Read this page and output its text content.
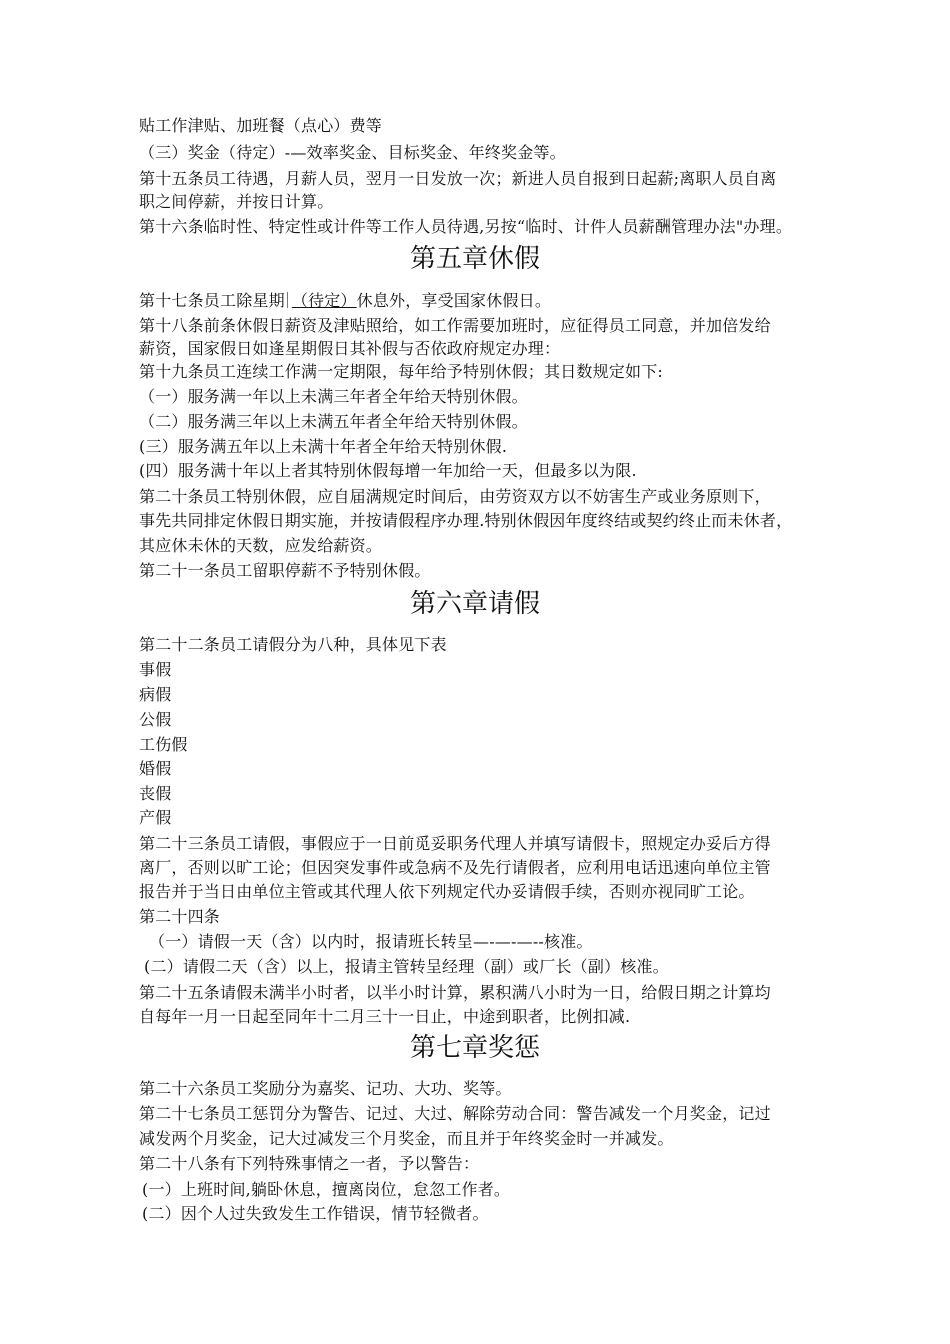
贴工作津贴、加班餐（点心）费等
（三）奖金（待定）-—效率奖金、目标奖金、年终奖金等。
第十五条员工待遇，月薪人员，翌月一日发放一次；新进人员自报到日起薪;离职人员自离
职之间停薪，并按日计算。
第十六条临时性、特定性或计件等工作人员待遇,另按“临时、计件人员薪酬管理办法"办理。
第五章休假
第十七条员工除星期 （待定）休息外，享受国家休假日。
第十八条前条休假日薪资及津贴照给，如工作需要加班时，应征得员工同意，并加倍发给
薪资，国家假日如逢星期假日其补假与否依政府规定办理：
第十九条员工连续工作满一定期限，每年给予特别休假；其日数规定如下:
（一）服务满一年以上未满三年者全年给天特别休假。
（二）服务满三年以上未满五年者全年给天特别休假。
(三）服务满五年以上未满十年者全年给天特别休假.
(四）服务满十年以上者其特别休假每增一年加给一天，但最多以为限.
第二十条员工特别休假，应自届满规定时间后，由劳资双方以不妨害生产或业务原则下，
事先共同排定休假日期实施，并按请假程序办理.特别休假因年度终结或契约终止而未休者，
其应休未休的天数，应发给薪资。
第二十一条员工留职停薪不予特别休假。
第六章请假
第二十二条员工请假分为八种，具体见下表
事假
病假
公假
工伤假
婚假
丧假
产假
第二十三条员工请假，事假应于一日前觅妥职务代理人并填写请假卡，照规定办妥后方得
离厂，否则以旷工论；但因突发事件或急病不及先行请假者，应利用电话迅速向单位主管
报告并于当日由单位主管或其代理人依下列规定代办妥请假手续，否则亦视同旷工论。
第二十四条
（一）请假一天（含）以内时，报请班长转呈—-—-—--核准。
(二）请假二天（含）以上，报请主管转呈经理（副）或厂长（副）核准。
第二十五条请假未满半小时者，以半小时计算，累积满八小时为一日，给假日期之计算均
自每年一月一日起至同年十二月三十一日止，中途到职者，比例扣减.
第七章奖惩
第二十六条员工奖励分为嘉奖、记功、大功、奖等。
第二十七条员工惩罚分为警告、记过、大过、解除劳动合同：警告减发一个月奖金，记过
减发两个月奖金，记大过减发三个月奖金，而且并于年终奖金时一并减发。
第二十八条有下列特殊事情之一者，予以警告：
(一）上班时间,躺卧休息，擅离岗位，怠忽工作者。
(二）因个人过失致发生工作错误，情节轻微者。
